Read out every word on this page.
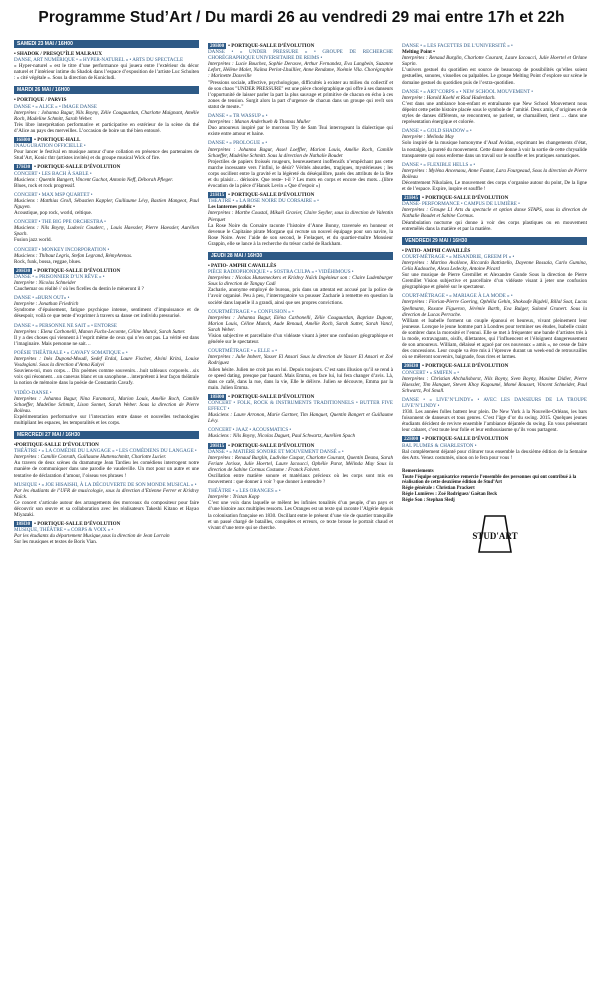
Programme Stud’Art / Du mardi 26 au vendredi 29 mai entre 17h et 22h
SAMEDI 23 MAI / 16H00

• SHADOK / PRESQU’ÎLE MALRAUX

DANSE, ART NUMÉRIQUE • « HYPER-NATUREL » • ARTS DU SPECTACLE

« Hyper-naturel » est le titre d’une performance qui jouera entre l’extérieur du décor naturel et l’intérieur intime du Shadok dans l’espace d’exposition de l’artiste Luc Schuiten : « cité végétale ». Sous la direction de Konicludi.

MARDI 26 MAI / 16H00

• PORTIQUE / PARVIS

DANSE • « ALICE » • IMAGE DANSE

Interprètes : Johanna Bagur, Nils Boyny, Zélie Couguurdan, Charlotte Maignant, Amélie Roch, Madeline Schmitt, Sarah Weber.

Très libre interprétation performative et participative en extérieur de la scène du thé d’Alice au pays des merveilles. L’occasion de boire un thé bien entouré.

16H00 • PORTIQUE-HALL

INAUGURATION OFFICIELLE •

Pour lancer le festival en musique autour d’une collation en présence des partenaires de Stud’Art, Konic thtr (artistes invités) et du groupe musical Wick of fire.

17H30 • PORTIQUE-SALLE D’ÉVOLUTION

CONCERT • LES BACH À SABLE •

Musiciens : Quentin Bangert, Vincent Gachot, Antonin Neff, Déborah Pfleger.

Blues, rock et rock progressif.

CONCERT • MAX MSP QUARTET •

Musiciens : Matthias Groll, Sébastien Kappler, Guillaume Lévy, Bastien Mangeot, Paul Nguyen.

Acoustique, pop rock, world, celtique.

CONCERT • THE BIG PPE ORCHESTRA •

Musiciens : Nils Boyny, Ludovic Couderc, , Louis Haessler, Pierre Haessler, Aurélien Spach.

Fusion jazz world.

CONCERT • MONKEY INCORPORATION •

Musiciens : Thibaut Legris, Stefan Legrand, RémyArenas.

Rock, funk, bossa, reggae, blues.

20H30 • PORTIQUE-SALLE D’ÉVOLUTION

DANSE • « PRISONNIER D’UN RÊVE » •

Interprète : Nicolas Schneider

Cauchemar ou réalité // où les ficelles du destin le mèneront il ?

DANSE • «BURN OUT» •

Interprète : Jonathan Friedrich

Syndrome d’épuisement, fatigue psychique intense, sentiment d’impuissance et de désespoir, voilà ce que tente d’exprimer à travers sa danse cet individu pressurisé.

DANSE • « PERSONNE NE SAIT » • ENTORSE

Interprètes : Elena Carbonelli, Manon Fuchs-Lecomte, Céline Munck, Sarah Sutter.

Il y a des choses qui viennent à l’esprit même de ceux qui n’en ont pas. La vérité est dans l’imaginaire. Mais personne ne sait…

POÉSIE THÉÂTRALE • « CAVAFY SOMATIQUE » •

Interprètes : Inès Dupond-Moudi, Sedef Erdal, Laure Fischer, Alvini Kritsi, Louise Vosdogiani. Sous la direction d’Anna Kalyvi

Souviens-toi, mon corps… Dix poèmes comme souvenirs…huit tableaux corporels…six voix qui résonnent…un canevas blanc et un saxophone…interprétent à leur façon théâtrale la notion de mémoire dans la poésie de Constantin Cavafy.

VIDÉO-DANSE •

Interprètes : Johanna Bagur, Nina Faramarzi, Marion Louis, Amélie Roch, Camille Schaeffer, Madeline Schmitt, Lison Sonnet, Sarah Weber. Sous la direction de Pierre Boileau.

Expérimentation performative sur l’interaction entre danse et nouvelles technologies multipliant les espaces, les temporalités et les corps.

MERCREDI 27 MAI / 16H30

•PORTIQUE-SALLE D’ÉVOLUTION

THÉÂTRE • « LA COMÉDIE DU LANGAGE » • LES COMÉDIENS DU LANGAGE •

Interprètes : Camille Conrath, Guillaume Huttenschmitt, Charlotte Lucier.

Au travers de deux scènes du dramaturge Jean Tardieu les comédiens interrogent notre manière de communiquer dans une parodie de vaudeville. Un mot pour un autre et une tentative de déclaration d’amour, l’oiseau ves phrases !

MUSIQUE • « JOE HISAISHI, À LA DÉCOUVERTE DE SON MONDE MUSICAL » •

Par les étudiants de l’UFR de musicologie, sous la direction d’Etienne Ferrer et Krishvy Naïck.

Ce concert s’articule autour des arrangements des morceaux du compositeur pour faire découvrir son œuvre et sa collaboration avec les réalisateurs Takeshi Kitano et Hayao Miyazaki.

18H30 • PORTIQUE-SALLE D’ÉVOLUTION

MUSIQUE, THÉÂTRE • « CORPS & VOIX » •

Par les étudiants du département Musique,sous la direction de Jean Lorrain

Sur les musiques et textes de Boris Vian.

20H00 • PORTIQUE-SALLE D’ÉVOLUTION

DANSE • « UNDER PRESSURE » • GROUPE DE RECHERCHE CHORÉGRAPHIQUE UNIVERSITAIRE DE REIMS •

Interprètes : Lucie Bouchez, Sophie Derasve, Arthur Fernandez, Eva Langbein, Suzanne Lefort, Hélène Malet, Naïma Perlot-Lhuillier, Anne Rendame, Noémie Vila. Chorégraphie : Marinette Dozeville

"Pressions sociale, affective, psychologique, difficultés à exister au milieu du collectif et de son chaos "UNDER PRESSURE" est une pièce chorégraphique qui offre à ses danseurs l’opportunité de laisser parler la part la plus sauvage et primitive de chacun en écho à ces zones de tension. Surgit alors la part d’urgence de chacun dans un groupe qui revît son statut de meute.."

DANSE • « TR WASSUP » •

Interprètes : Manon Anderbueh & Thomas Muller

Duo amoureux inspiré par le morceau Try de Sam Tsui interrogeant la dialectique qui existe entre amour et haine.

DANSE • « PROLOGUE » •

Interprètes : Johanna Bagur, Assel Loeffler, Marion Louis, Amélie Roch, Camille Schaeffer, Madeline Schmitt. Sous la direction de Nathalie Boudet

Projectiles de papiers froissés rougeurs, heureusement inoffensifs n’empêchant pas cette marche incessante vers l’infini, le désir? Vérités absurdes, tragiques, mystérieuses ; les corps oscillent entre la gravité et la légèreté du déséquilibre, parés des attributs de la fête et du plaisir… dérisoire. Que reste- t-il ? Les mots en corps et encore des mots…(libre évocation de la pièce d’Hanok Levin « Que d’espoir »)

21H15 • PORTIQUE-SALLE D’ÉVOLUTION

THÉÂTRE • « LA ROSE NOIRE DU CORSAIRE » •

Les lanternes public •

Interprètes : Marthe Coustal, Mikaël Gravier, Claire Seyller, sous la direction de Valentin Pierquet

La Rose Noire du Corsaire raconte l’histoire d’Anne Bonny, traversée en honneur et devenue le Capitaine pirate Morgane qui recrute un nouvel équipage pour son navire, la Rose Noire. Avec l’aide de son second, le Frelaquet, et du quartier-maître Monsieur Grappin, elle se lance à la recherche du trésor caché de Rackham.

JEUDI 28 MAI / 16H30

• PATIO- AMPHI CAVAILLÈS

PIÈCE RADIOPHONIQUE • « SOSTRA CULPA » • VIDÉHIMOUS •

Interprètes : Nicolas Hutsemeckers et Krishvy Naïck Ingénieur son : Claire Ludenburger Sous la direction de Tanguy Cadi

Zacharie, anonyme employé de bureau, pris dans un attentat est accusé par la police de l’avoir organisé. Peu à peu, l’interrogatoire va pousser Zacharie à remettre en question la société dans laquelle il a grandi, ainsi que ses propres convictions.

COURTMÉTRAGE • « CONFUSION » •

Interprètes : Johanna Bagur, Eléna Carbonelli, Zélie Couguurdan, Baptiste Dupont, Marion Louis, Céline Munck, Aude Renaud, Amélie Roch, Sarah Sutter, Sarah Vancl, Sarah Weber.

Vision subjective et parcellaire d’un vidéaste visant à jeter une confusion géographique et générée sur le spectateur.

COURTMÉTRAGE • « ELLE » •

Interprètes : Julie Imbert, Yasser El Ansari Sous la direction de Yasser El Ansari et Zoé Rodriguez

Julien hésite. Julien ne croit pas en lui. Depuis toujours. C’est sans illusion qu’il se rend à ce speed dating, presque par hasard. Mais Emma, en face lui, lui fera changer d’avis. Là, dans ce café, dans la rue, dans la vie, Elle le délivre. Julien se découvre, Emma par la main. Julien Emma.

18H00 • PORTIQUE-SALLE D’ÉVOLUTION

CONCERT • FOLK, ROCK & INSTRUMENTS TRADITIONNELS • BUTTER FIVE EFFECT •

Musiciens : Laure Arronon, Marie Gartner, Tim Hanquet, Quentin Bangert et Guillaume Lévy.

CONCERT • JAAZ • ACOUSMATICS •

Musiciens : Nils Boyny, Nicolas Daguet, Paul Schwartz, Aurélien Spach

20H15 • PORTIQUE-SALLE D’ÉVOLUTION

DANSE • « MATIÈRE SONORE ET MOUVEMENT DANSÉ » •

Interprètes : Renaud Burglin, Ludivine Caspar, Charlotte Courant, Quentin Deana, Sarah Feriate Jorisse, Julie Hoertel, Laure Iacoucci, Ophélie Parot, Mélinda May Sous la direction de Sabine Cormus Costume : Franck Faivret.

Oscillation entre matière sonore et matériaux précieux où les corps sont mis en mouvement : que donner à voir ? que donner à entendre ?

THÉÂTRE • « LES ORANGES » •

Interprète : Tristan Kopp

C’est une voix dans laquelle se mêlent les infinies tonalités d’un peuple, d’un pays et d’une histoire aux multiples ressorts. Les Oranges est un texte qui raconte l’Algérie depuis la colonisation française en 1830. Oscillant entre le présent d’une vie de quartier tranquille et un passé chargé de batailles, conquêtes et erreurs, ce texte brosse le portrait chaud et vivant d’une terre qui se cherche.

DANSE • « LES FACETTES DE L’UNIVERSITÉ » •

Melting Point •

Interprètes : Renaud Burglin, Charlotte Courant, Laure Iacoucci, Julie Hoertel et Orlane Suprin.

L’univers gestuel du quotidien est source de beaucoup de possibilités qu’elles soient gestuelles, sonores, visuelles ou palpables. Le groupe Melting Point d’explore sur scène le domaine gestuel du quotidien puis de l’extra-quotidien.

DANSE • « ART’CORPS » • NEW SCHOOL MOUVEMENT •

Interprète : Harold Koehl et Riad Haderdach.

C’est dans une ambiance hon-enfant et entraînante que New School Mouvement nous dépeint cette petite histoire placée sous le symbole de l’amitié. Deux amis, d’origines et de styles de danses différents, se rencontrent, se parlent, se chamaillent, tient … dans une représentation énergique et colorée.

DANSE • « GOLD SHADOW » •

Interprète : Melinda May

Solo inspiré de la musique homonyme d’Asaf Avidan, exprimant les changements d’état, la nostalgie, la pureté du mouvement. Cette danse donne à voir la sortie de cette chrysalide transparente qui nous enferme dans un travail sur le souffle et les pratiques somatiques.

DANSE • « FLEXIBLE HELLS » •

Interprètes : Myléna Ancenaou, Anne Fautor, Lara Fourgeaud, Sous la direction de Pierre Boileau

Décentrement Nikolaïen, Le mouvement des corps s’organise autour du point, De la ligne et de l’espace. Expire, inspire et souffle !

21H45 • PORTIQUE-SALLE D’ÉVOLUTION

DANSE- PERFORMANCE • CAMPUS DE LUMIÈRE •

Interprètes : Groupe L1 Arts du spectacle et option danse STAPS, sous la direction de Nathalie Boudet et Sabine Cormus.

Déambulation nocturne qui donne à voir des corps plastiques ou en mouvement entremêlés dans la matière et par la matière.

VENDREDI 29 MAI / 16H30

• PATIO- AMPHI CAVAILLÈS

COURT-MÉTRAGE • « MISANDRIE, GREEM PI » •

Interprètes : Martino Avallone, Riccardo Battistello, Dayenne Bossala, Carlo Gumina, Celia Kadouche, Alexa Ledecky, Antoine Picard

Sur une musique de Pierre Gremillet et Alexandre Gunde Sous la direction de Pierre Gremillet Vision subjective et parcellaire d’un vidéaste visant à jeter une confusion géographique et généré sur le spectateur.

COURT-MÉTRAGE • « MARIAGE À LA MODE » •

Interprètes : Florian-Pierre Goering, Ophélia Gehin, Shokoufe Bigdeli, Billal Soat, Lucas Spellmann, Roxane Figueron, Jérémie Barth, Eva Bulger, Salomé Grunert. Sous la direction de Lucas Perrache.

William et Isabelle forment un couple épanoui et heureux, vivant pleinement leur jeunesse. Lorsque le jeune homme part à Londres pour terminer ses études, Isabelle craint de sombrer dans la morosité et l’ennui. Elle se met à fréquenter une bande d’artistes très à la mode, extravagants, oisifs, dilettantes, qui l’influencent et l’éloignent dangereusement de son amoureux. William, délaissé et agacé par ces nouveaux « amis », ne cesse de faire des concessions. Leur couple va être mis à l’épreuve durant un week-end de retrouvailles où se mêleront souvenirs, baignade, fous rires et larmes.

20H30 • PORTIQUE-SALLE D’ÉVOLUTION

CONCERT • « SMIFEN » •

Interprètes : Christian Abchalishorst, Nils Boyny, Sven Boyny, Maxime Didier, Pierre Haessler, Tim Hanquet, Steven Khoy Kagoumé, Momé Rousset, Vincent Schneider, Paul Schwartz, Pol Small.

DANSE • « LIVE’N’LINDY» • AVEC LES DANSEURS DE LA TROUPE LIVE’N’LINDY •

1930. Les années folles battent leur plein. De New York à la Nouvelle-Orléans, les bars foisonnent de danseurs et tous genres. C’est l’âge d’or du swing. 2015. Quelques jeunes étudiants décident de revivre ensemble l’ambiance déjantée du swing. En vous présentant leur cabaret, c’est toute leur folie et leur enthousiasme qu’ils vous partagent.

22H00 • PORTIQUE-SALLE D’ÉVOLUTION

BAL PLUMES & CHARLESTON •

Bal complètement déjanté pour clôturer tous ensemble la deuxième édition de la Semaine des Arts. Venez costumés, sinon on le fera pour vous !

Remerciements
Toute l’équipe organisatrice remercie l’ensemble des personnes qui ont contribué à la réalisation de cette deuxième édition de Stud’Art
Régie générale : Christian Prackert
Régie Lumières : Zoé Rodriguez/ Gaëtan Beck
Régie Son : Stephan Sledj
STUD'ART
